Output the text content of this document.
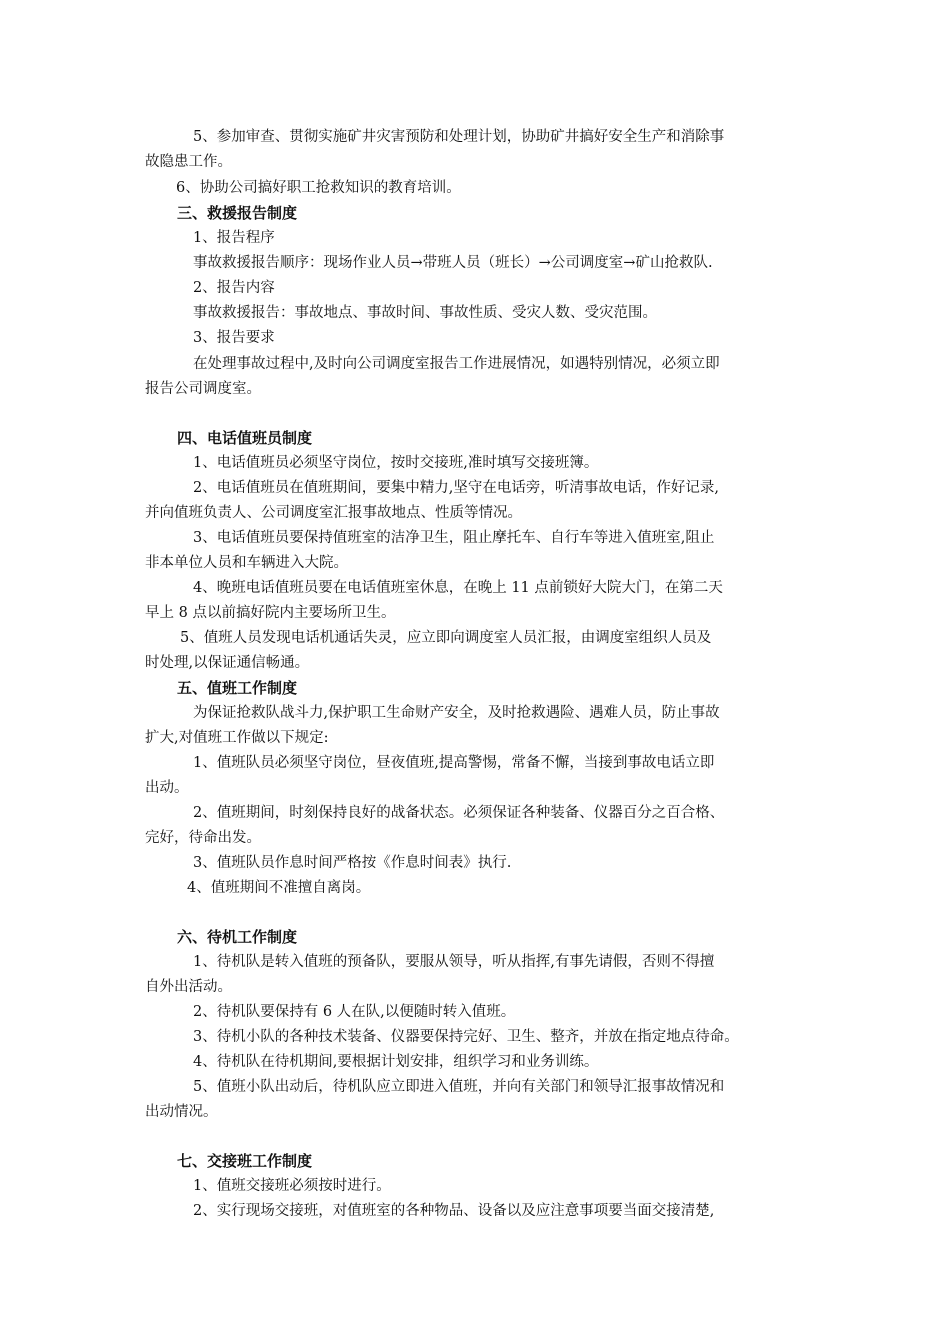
5、参加审查、贯彻实施矿井灾害预防和处理计划，协助矿井搞好安全生产和消除事
故隐患工作。
6、协助公司搞好职工抢救知识的教育培训。
三、救援报告制度
1、报告程序
事故救援报告顺序：现场作业人员→带班人员（班长）→公司调度室→矿山抢救队.
2、报告内容
事故救援报告：事故地点、事故时间、事故性质、受灾人数、受灾范围。
3、报告要求
在处理事故过程中,及时向公司调度室报告工作进展情况，如遇特别情况，必须立即
报告公司调度室。
四、电话值班员制度
1、电话值班员必须坚守岗位，按时交接班,准时填写交接班簿。
2、电话值班员在值班期间，要集中精力,坚守在电话旁，听清事故电话，作好记录,
并向值班负责人、公司调度室汇报事故地点、性质等情况。
3、电话值班员要保持值班室的洁净卫生，阻止摩托车、自行车等进入值班室,阻止
非本单位人员和车辆进入大院。
4、晚班电话值班员要在电话值班室休息，在晚上 11 点前锁好大院大门，在第二天
早上 8 点以前搞好院内主要场所卫生。
5、值班人员发现电话机通话失灵，应立即向调度室人员汇报，由调度室组织人员及
时处理,以保证通信畅通。
五、值班工作制度
为保证抢救队战斗力,保护职工生命财产安全，及时抢救遇险、遇难人员，防止事故
扩大,对值班工作做以下规定:
1、值班队员必须坚守岗位，昼夜值班,提高警惕，常备不懈，当接到事故电话立即
出动。
2、值班期间，时刻保持良好的战备状态。必须保证各种装备、仪器百分之百合格、
完好，待命出发。
3、值班队员作息时间严格按《作息时间表》执行.
4、值班期间不准擅自离岗。
六、待机工作制度
1、待机队是转入值班的预备队，要服从领导，听从指挥,有事先请假，否则不得擅
自外出活动。
2、待机队要保持有 6 人在队,以便随时转入值班。
3、待机小队的各种技术装备、仪器要保持完好、卫生、整齐，并放在指定地点待命。
4、待机队在待机期间,要根据计划安排，组织学习和业务训练。
5、值班小队出动后，待机队应立即进入值班，并向有关部门和领导汇报事故情况和
出动情况。
七、交接班工作制度
1、值班交接班必须按时进行。
2、实行现场交接班，对值班室的各种物品、设备以及应注意事项要当面交接清楚,
